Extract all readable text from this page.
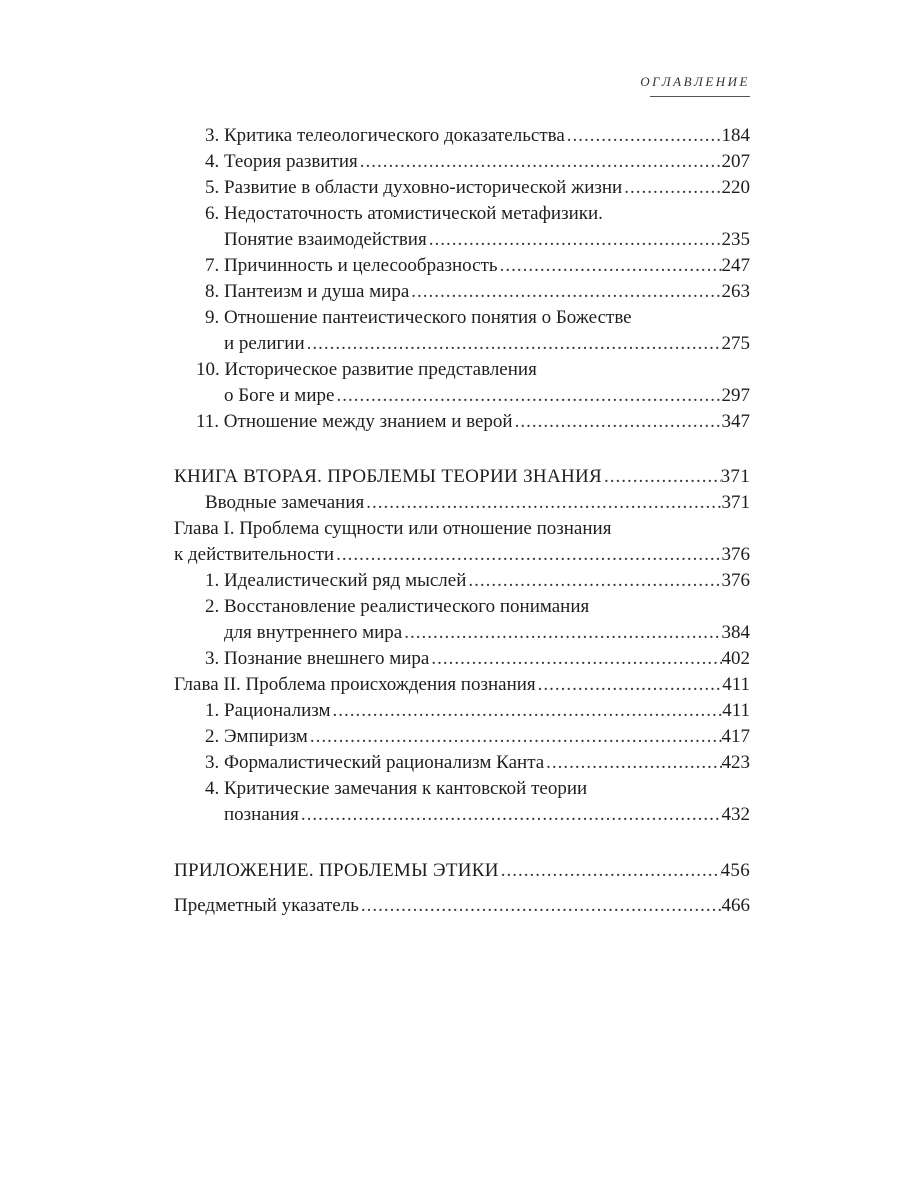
ОГЛАВЛЕНИЕ
3. Критика телеологического доказательства .....	184
4. Теория развития .....	207
5. Развитие в области духовно-исторической жизни .....	220
6. Недостаточность атомистической метафизики.
Понятие взаимодействия .....	235
7. Причинность и целесообразность .....	247
8. Пантеизм и душа мира .....	263
9. Отношение пантеистического понятия о Божестве
и религии .....	275
10. Историческое развитие представления
о Боге и мире .....	297
11. Отношение между знанием и верой .....	347
КНИГА ВТОРАЯ. ПРОБЛЕМЫ ТЕОРИИ ЗНАНИЯ .....	371
Вводные замечания .....	371
Глава I. Проблема сущности или отношение познания
к действительности .....	376
1. Идеалистический ряд мыслей .....	376
2. Восстановление реалистического понимания
для внутреннего мира .....	384
3. Познание внешнего мира .....	402
Глава II. Проблема происхождения познания .....	411
1. Рационализм .....	411
2. Эмпиризм .....	417
3. Формалистический рационализм Канта .....	423
4. Критические замечания к кантовской теории
познания .....	432
ПРИЛОЖЕНИЕ. ПРОБЛЕМЫ ЭТИКИ .....	456
Предметный указатель .....	466
